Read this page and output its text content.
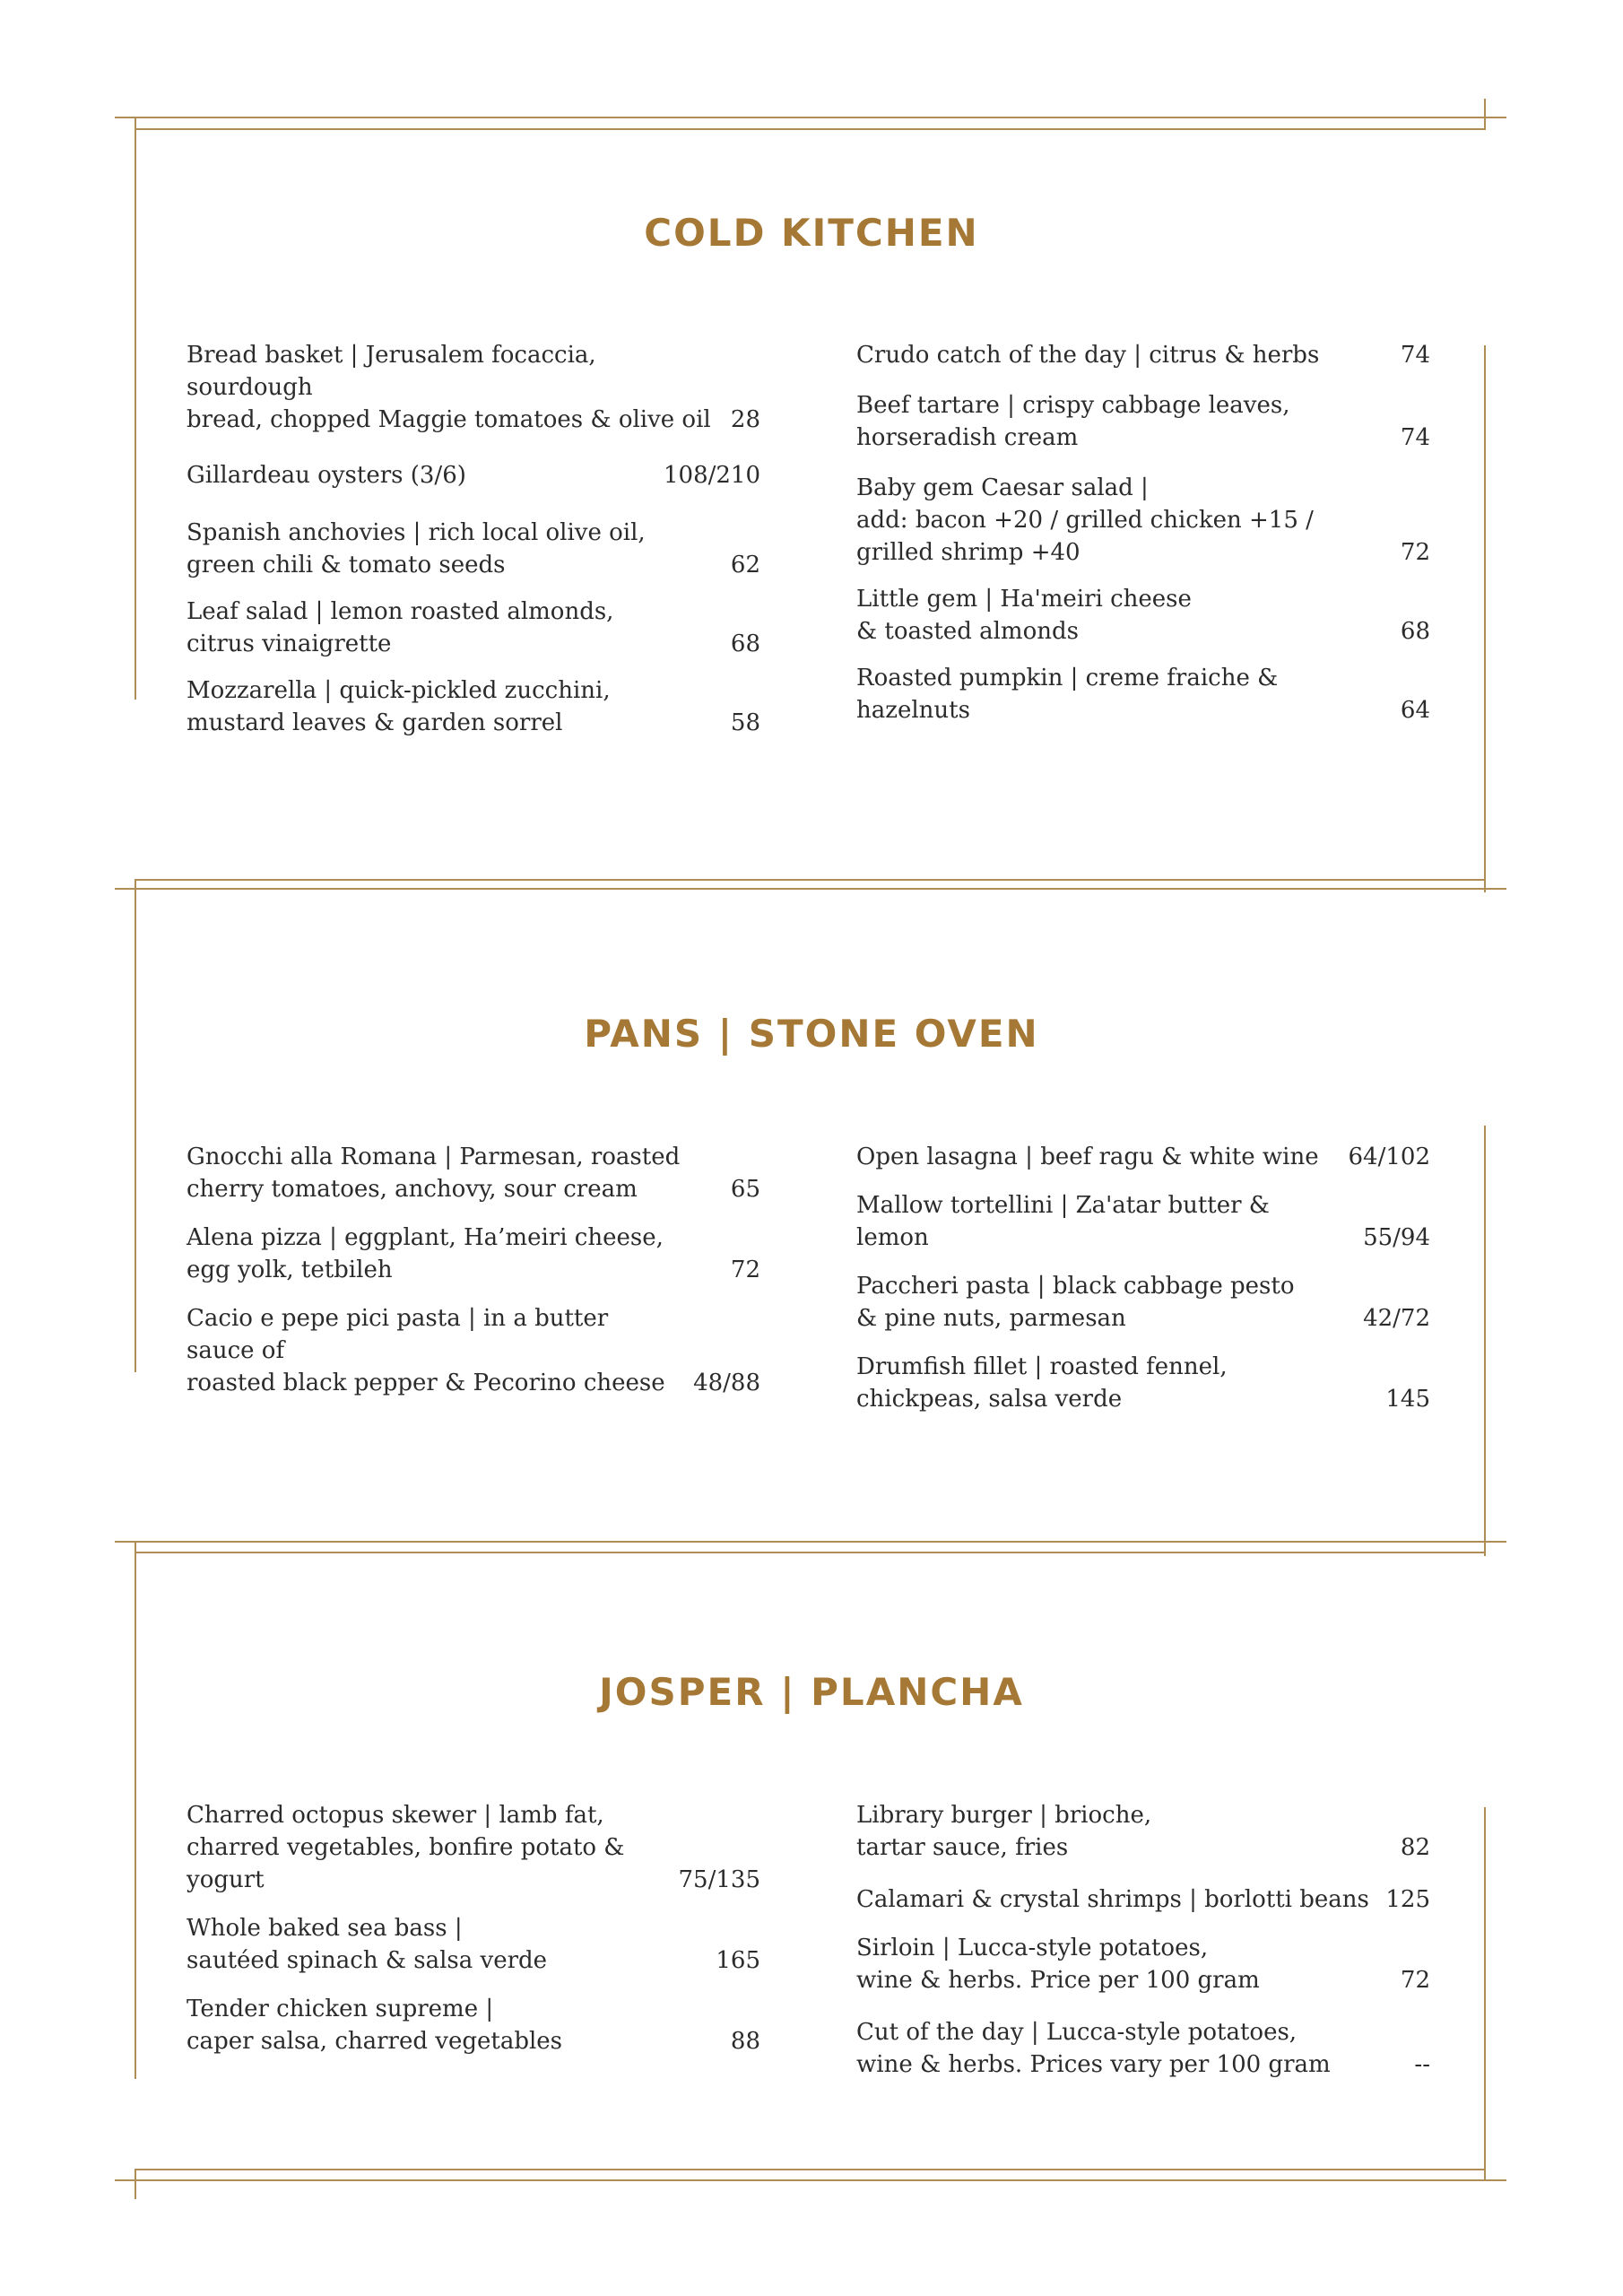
COLD KITCHEN
Bread basket | Jerusalem focaccia, sourdough
bread, chopped Maggie tomatoes & olive oil 28
Gillardeau oysters (3/6)	108/210
Spanish anchovies | rich local olive oil,
green chili & tomato seeds	62
Leaf salad | lemon roasted almonds,
citrus vinaigrette	68
Mozzarella | quick-pickled zucchini,
mustard leaves & garden sorrel	58
Crudo catch of the day | citrus & herbs	74
Beef tartare | crispy cabbage leaves,
horseradish cream	74
Baby gem Caesar salad |
add: bacon +20 / grilled chicken +15 /
grilled shrimp +40	72
Little gem | Ha'meiri cheese
& toasted almonds	68
Roasted pumpkin | creme fraiche & hazelnuts	64
PANS | STONE OVEN
Gnocchi alla Romana | Parmesan, roasted
cherry tomatoes, anchovy, sour cream	65
Alena pizza | eggplant, Ha’meiri cheese,
egg yolk, tetbileh	72
Cacio e pepe pici pasta | in a butter sauce of
roasted black pepper & Pecorino cheese	48/88
Open lasagna | beef ragu & white wine	64/102
Mallow tortellini | Za'atar butter & lemon	55/94
Paccheri pasta | black cabbage pesto
& pine nuts, parmesan	42/72
Drumfish fillet | roasted fennel,
chickpeas, salsa verde	145
JOSPER | PLANCHA
Charred octopus skewer | lamb fat,
charred vegetables, bonfire potato & yogurt	75/135
Whole baked sea bass |
sautéed spinach & salsa verde	165
Tender chicken supreme |
caper salsa, charred vegetables	88
Library burger | brioche,
tartar sauce, fries	82
Calamari & crystal shrimps | borlotti beans 125
Sirloin | Lucca-style potatoes,
wine & herbs. Price per 100 gram	72
Cut of the day | Lucca-style potatoes,
wine & herbs. Prices vary per 100 gram	--
